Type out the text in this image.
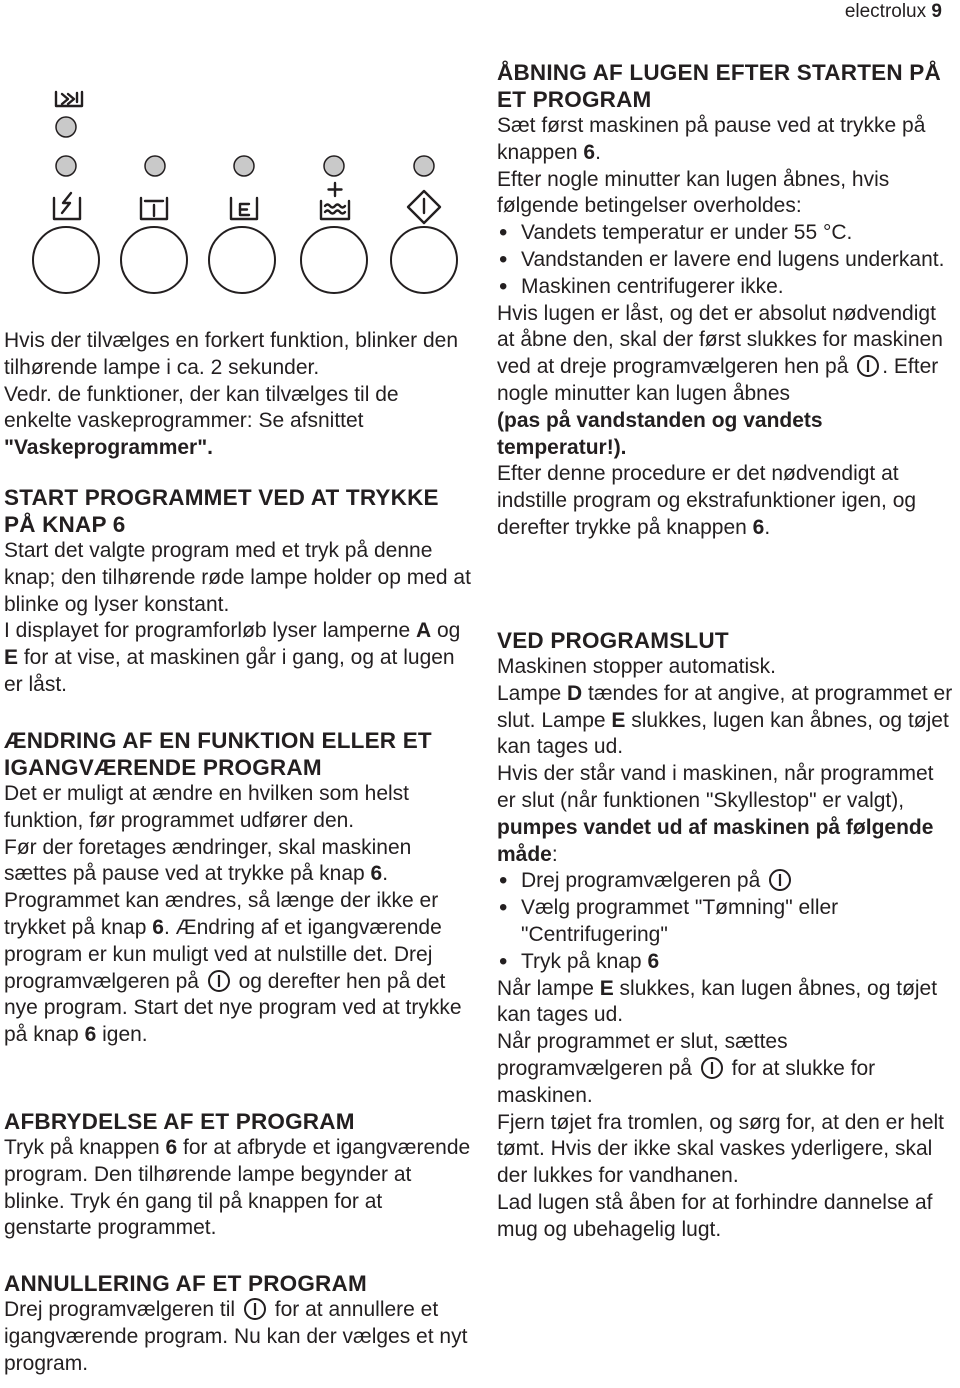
electrolux 9

Hvis der tilvælges en forkert funktion, blinker den tilhørende lampe i ca. 2 sekunder.

Vedr. de funktioner, der kan tilvælges til de enkelte vaskeprogrammer: Se afsnittet "Vaskeprogrammer".

START PROGRAMMET VED AT TRYKKE PÅ KNAP 6

Start det valgte program med et tryk på denne knap; den tilhørende røde lampe holder op med at blinke og lyser konstant.

I displayet for programforløb lyser lamperne A og E for at vise, at maskinen går i gang, og at lugen er låst.

ÆNDRING AF EN FUNKTION ELLER ET IGANGVÆRENDE PROGRAM

Det er muligt at ændre en hvilken som helst funktion, før programmet udfører den.

Før der foretages ændringer, skal maskinen sættes på pause ved at trykke på knap 6.

Programmet kan ændres, så længe der ikke er trykket på knap 6. Ændring af et igangværende program er kun muligt ved at nulstille det. Drej programvælgeren på  og derefter hen på det nye program. Start det nye program ved at trykke på knap 6 igen.

AFBRYDELSE AF ET PROGRAM

Tryk på knappen 6 for at afbryde et igangværende program. Den tilhørende lampe begynder at blinke. Tryk én gang til på knappen for at genstarte programmet.

ANNULLERING AF ET PROGRAM

Drej programvælgeren til  for at annullere et igangværende program. Nu kan der vælges et nyt program.

ÅBNING AF LUGEN EFTER STARTEN PÅ ET PROGRAM

Sæt først maskinen på pause ved at trykke på knappen 6.

Efter nogle minutter kan lugen åbnes, hvis følgende betingelser overholdes:

• Vandets temperatur er under 55 °C.
• Vandstanden er lavere end lugens underkant.
• Maskinen centrifugerer ikke.

Hvis lugen er låst, og det er absolut nødvendigt at åbne den, skal der først slukkes for maskinen ved at dreje programvælgeren hen på . Efter nogle minutter kan lugen åbnes

(pas på vandstanden og vandets temperatur!).

Efter denne procedure er det nødvendigt at indstille program og ekstrafunktioner igen, og derefter trykke på knappen 6.

VED PROGRAMSLUT

Maskinen stopper automatisk.

Lampe D tændes for at angive, at programmet er slut. Lampe E slukkes, lugen kan åbnes, og tøjet kan tages ud.

Hvis der står vand i maskinen, når programmet er slut (når funktionen "Skyllestop" er valgt), pumpes vandet ud af maskinen på følgende måde:

• Drej programvælgeren på
• Vælg programmet "Tømning" eller "Centrifugering"
• Tryk på knap 6

Når lampe E slukkes, kan lugen åbnes, og tøjet kan tages ud.

Når programmet er slut, sættes programvælgeren på  for at slukke for maskinen.

Fjern tøjet fra tromlen, og sørg for, at den er helt tømt. Hvis der ikke skal vaskes yderligere, skal der lukkes for vandhanen.

Lad lugen stå åben for at forhindre dannelse af mug og ubehagelig lugt.
